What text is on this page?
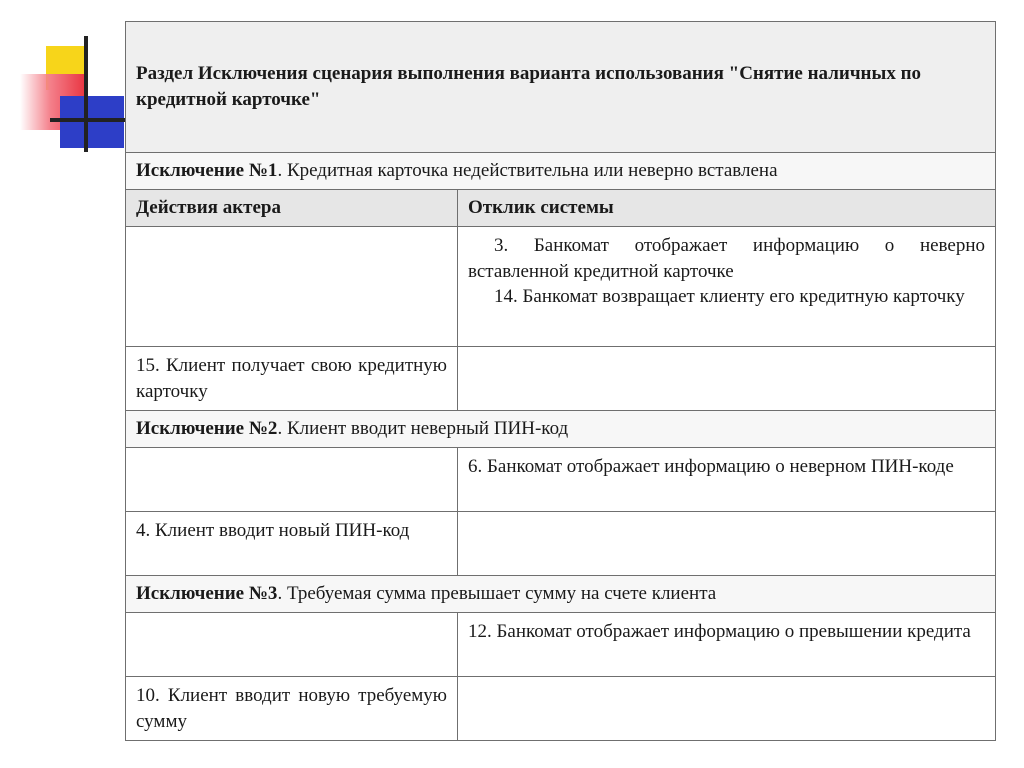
Раздел Исключения сценария выполнения варианта использования "Снятие наличных по кредитной карточке"	
Исключение №1. Кредитная карточка недействительна или неверно вставлена	
Действия актера	Отклик системы

	3. Банкомат отображает информацию о неверно вставленной кредитной карточке
14. Банкомат возвращает клиенту его кредитную карточку

15. Клиент получает свою кредитную карточку	

Исключение №2. Клиент вводит неверный ПИН-код	

	6. Банкомат отображает информацию о неверном ПИН-коде

4. Клиент вводит новый ПИН-код	

Исключение №3. Требуемая сумма превышает сумму на счете клиента	

	12. Банкомат отображает информацию о превышении кредита

10. Клиент вводит новую требуемую сумму	
